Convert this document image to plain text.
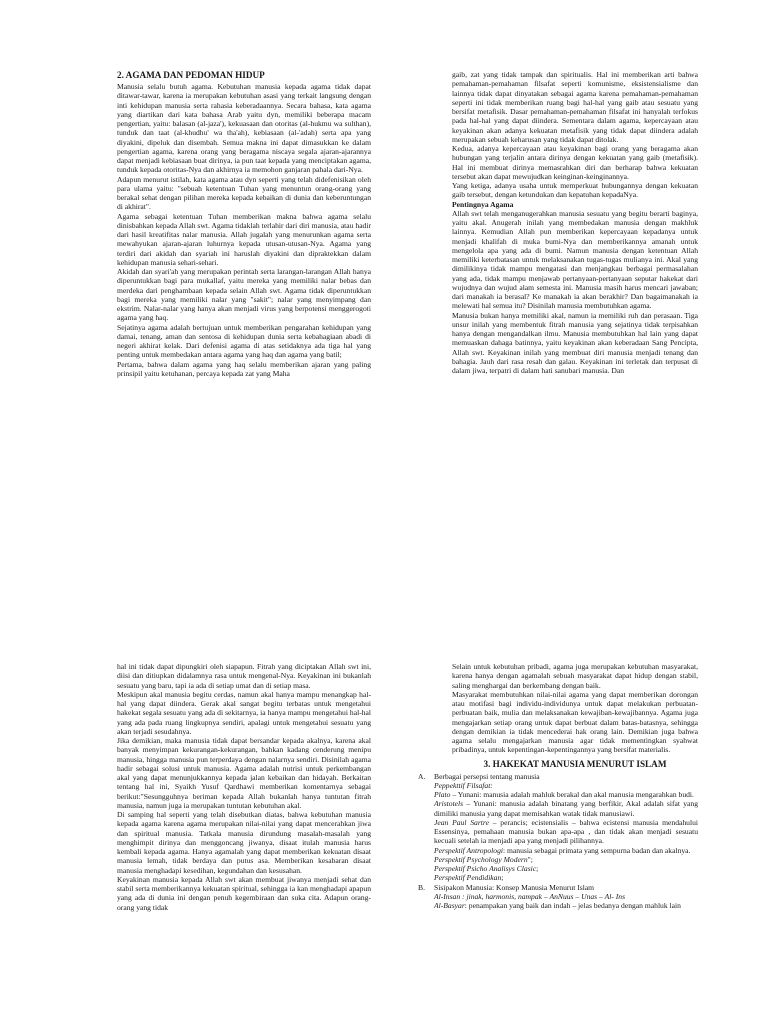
2. AGAMA DAN PEDOMAN HIDUP

Manusia selalu butuh agama. Kebutuhan manusia kepada agama tidak dapat ditawar-tawar, karena ia merupakan kebutuhan asasi yang terkait langsung dengan inti kehidupan manusia serta rahasia keberadaannya. Secara bahasa, kata agama yang diartikan dari kata bahasa Arab yaitu dyn, memiliki beberapa macam pengertian, yaitu: balasan (al-jaza'), kekuasaan dan otoritas (al-hukmu wa sulthan), tunduk dan taat (al-khudhu' wa tha'ah), kebiasaan (al-'adah) serta apa yang diyakini, dipeluk dan disembah. Semua makna ini dapat dimasukkan ke dalam pengertian agama, karena orang yang beragama niscaya segala ajaran-ajarannya dapat menjadi kebiasaan buat dirinya, ia pun taat kepada yang menciptakan agama, tunduk kepada otoritas-Nya dan akhirnya ia memohon ganjaran pahala dari-Nya.

Adapun menurut istilah, kata agama atau dyn seperti yang telah didefenisikan oleh para ulama yaitu: "sebuah ketentuan Tuhan yang menuntun orang-orang yang berakal sehat dengan pilihan mereka kepada kebaikan di dunia dan keberuntungan di akhirat".

Agama sebagai ketentuan Tuhan memberikan makna bahwa agama selalu dinisbahkan kepada Allah swt. Agama tidaklah terlahir dari diri manusia, atau hadir dari hasil kreatifitas nalar manusia. Allah jugalah yang menurunkan agama serta mewahyukan ajaran-ajaran luhurnya kepada utusan-utusan-Nya. Agama yang terdiri dari akidah dan syariah ini haruslah diyakini dan dipraktekkan dalam kehidupan manusia sehari-sehari.

Akidah dan syari'ah yang merupakan perintah serta larangan-larangan Allah hanya diperuntukkan bagi para mukallaf, yaitu mereka yang memiliki nalar bebas dan merdeka dari penghambaan kepada selain Allah swt. Agama tidak diperuntukkan bagi mereka yang memiliki nalar yang "sakit"; nalar yang menyimpang dan ekstrim. Nalar-nalar yang hanya akan menjadi virus yang berpotensi menggerogoti agama yang haq.

Sejatinya agama adalah bertujuan untuk memberikan pengarahan kehidupan yang damai, tenang, aman dan sentosa di kehidupan dunia serta kebahagiaan abadi di negeri akhirat kelak. Dari defenisi agama di atas setidaknya ada tiga hal yang penting untuk membedakan antara agama yang haq dan agama yang batil;

Pertama, bahwa dalam agama yang haq selalu memberikan ajaran yang paling prinsipil yaitu ketuhanan, percaya kepada zat yang Maha

gaib, zat yang tidak tampak dan spiritualis. Hal ini memberikan arti bahwa pemahaman-pemahaman filsafat seperti komunisme, eksistensialisme dan lainnya tidak dapat dinyatakan sebagai agama karena pemahaman-pemahaman seperti ini tidak memberikan ruang bagi hal-hal yang gaib atau sesuatu yang bersifat metafisik. Dasar pemahaman-pemahaman filsafat ini hanyalah terfokus pada hal-hal yang dapat diindera. Sementara dalam agama, kepercayaan atau keyakinan akan adanya kekuatan metafisik yang tidak dapat diindera adalah merupakan sebuah keharusan yang tidak dapat ditolak.

Kedua, adanya kepercayaan atau keyakinan bagi orang yang beragama akan hubungan yang terjalin antara dirinya dengan kekuatan yang gaib (metafisik). Hal ini membuat dirinya memasrahkan diri dan berharap bahwa kekuatan tersebut akan dapat mewujudkan keinginan-keinginannya.

Yang ketiga, adanya usaha untuk memperkuat hubungannya dengan kekuatan gaib tersebut, dengan ketundukan dan kepatuhan kepadaNya.

Pentingnya Agama

Allah swt telah menganugerahkan manusia sesuatu yang begitu berarti baginya, yaitu akal. Anugerah inilah yang membedakan manusia dengan makhluk lainnya. Kemudian Allah pun memberikan kepercayaan kepadanya untuk menjadi khalifah di muka bumi-Nya dan memberikannya amanah untuk mengelola apa yang ada di bumi. Namun manusia dengan ketentuan Allah memiliki keterbatasan untuk melaksanakan tugas-tugas mulianya ini. Akal yang dimilikinya tidak mampu mengatasi dan menjangkau berbagai permasalahan yang ada, tidak mampu menjawab pertanyaan-pertanyaan seputar hakekat dari wujudnya dan wujud alam semesta ini. Manusia masih harus mencari jawaban; dari manakah ia berasal? Ke manakah ia akan berakhir? Dan bagaimanakah ia melewati hal semua itu? Disinilah manusia membutuhkan agama.

Manusia bukan hanya memiliki akal, namun ia memiliki ruh dan perasaan. Tiga unsur inilah yang membentuk fitrah manusia yang sejatinya tidak terpisahkan hanya dengan mengandalkan ilmu. Manusia membutuhkan hal lain yang dapat memuaskan dahaga batinnya, yaitu keyakinan akan keberadaan Sang Pencipta, Allah swt. Keyakinan inilah yang membuat diri manusia menjadi tenang dan bahagia. Jauh dari rasa resah dan galau. Keyakinan ini terletak dan terpusat di dalam jiwa, terpatri di dalam hati sanubari manusia. Dan

hal ini tidak dapat dipungkiri oleh siapapun. Fitrah yang diciptakan Allah swt ini, diisi dan ditiupkan didalamnya rasa untuk mengenal-Nya. Keyakinan ini bukanlah sesuatu yang baru, tapi ia ada di setiap umat dan di setiap masa.

Meskipun akal manusia begitu cerdas, namun akal hanya mampu menangkap hal-hal yang dapat diindera. Gerak akal sangat begitu terbatas untuk mengetahui hakekat segala sesuatu yang ada di sekitarnya, ia hanya mampu mengetahui hal-hal yang ada pada ruang lingkupnya sendiri, apalagi untuk mengetahui sesuatu yang akan terjadi sesudahnya.

Jika demikian, maka manusia tidak dapat bersandar kepada akalnya, karena akal banyak menyimpan kekurangan-kekurangan, bahkan kadang cenderung menipu manusia, hingga manusia pun terperdaya dengan nalarnya sendiri. Disinilah agama hadir sebagai solusi untuk manusia. Agama adalah nutrisi untuk perkembangan akal yang dapat menunjukkannya kepada jalan kebaikan dan hidayah. Berkaitan tentang hal ini, Syaikh Yusuf Qardhawi memberikan komentarnya sebagai berikut:"Sesungguhnya beriman kepada Allah bukanlah hanya tuntutan fitrah manusia, namun juga ia merupakan tuntutan kebutuhan akal.

Di samping hal seperti yang telah disebutkan diatas, bahwa kebutuhan manusia kepada agama karena agama merupakan nilai-nilai yang dapat mencerahkan jiwa dan spiritual manusia. Tatkala manusia dirundung masalah-masalah yang menghimpit dirinya dan menggoncang jiwanya, disaat itulah manusia harus kembali kepada agama. Hanya agamalah yang dapat memberikan kekuatan disaat manusia lemah, tidak berdaya dan putus asa. Memberikan kesabaran disaat manusia menghadapi kesedihan, kegundahan dan kesusahan.

Keyakinan manusia kepada Allah swt akan membuat jiwanya menjadi sehat dan stabil serta memberikannya kekuatan spiritual, sehingga ia kan menghadapi apapun yang ada di dunia ini dengan penuh kegembiraan dan suka cita. Adapun orang-orang yang tidak

Selain untuk kebutuhan pribadi, agama juga merupakan kebutuhan masyarakat, karena hanya dengan agamalah sebuah masyarakat dapat hidup dengan stabil, saling menghargai dan berkembang dengan baik.

Masyarakat membutuhkan nilai-nilai agama yang dapat memberikan dorongan atau motifasi bagi individu-individunya untuk dapat melakukan perbuatan-perbuatan baik, mulia dan melaksanakan kewajiban-kewajibannya. Agama juga mengajarkan setiap orang untuk dapat berbuat dalam batas-batasnya, sehingga dengan demikian ia tidak mencederai hak orang lain. Demikian juga bahwa agama selalu mengajarkan manusia agar tidak mementingkan syahwat pribadinya, untuk kepentingan-kepentingannya yang bersifat materialis.

3. HAKEKAT MANUSIA MENURUT ISLAM
A.	Berbagai persepsi tentang manusia

Peppekttif Filsafat:

Plato – Yunani: manusia adalah mahluk berakal dan akal manusia mengarahkan budi.

Aristotels – Yunani: manusia adalah binatang yang berfikir, Akal adalah sifat yang dimiliki manusia yang dapat memisahkan watak tidak manusiawi.

Jean Paul Sartre – perancis; ecistensialis – bahwa ecistensi manusia mendahului Essensinya, pemahaan manusia bukan apa-apa , dan tidak akan menjadi sesuatu kecuali setelah ia menjadi apa yang menjadi pilihannya.

Perspektif Antropologi: manusia sebagai primata yang sempurna badan dan akalnya.

Perspektif Psychology Modern";

Perspektif Psicho Analisys Clasic;

Perspektif Pendidikan;

B.	Sisipakon Manusia: Konsep Manusia Menurut Islam

Al-Insan : jinak, harmonis, nampak – AnNuus – Unas – Al- Ins

Al-Basyar: penampakan yang baik dan indah – jelas bedanya dengan mahluk lain
